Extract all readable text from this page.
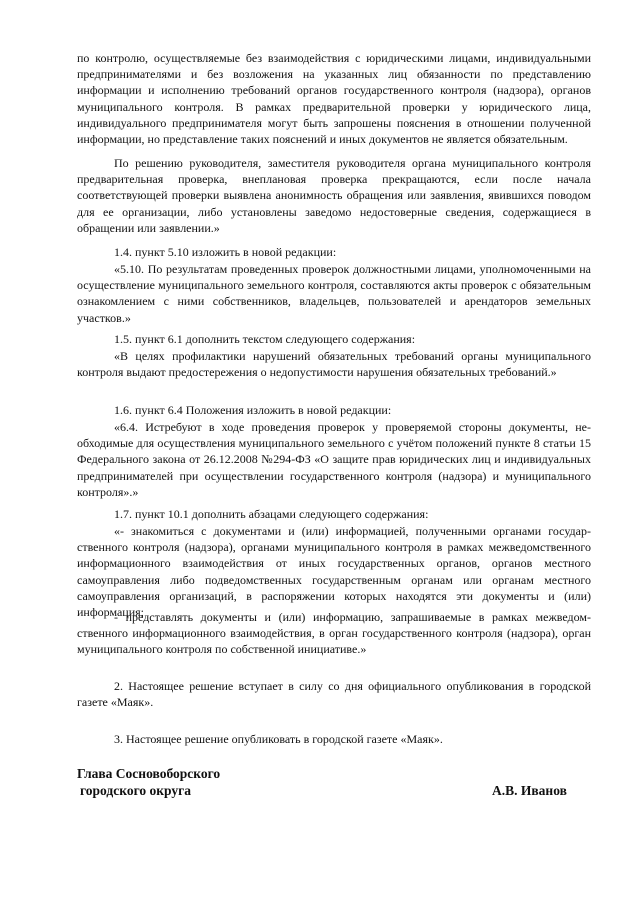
по контролю, осуществляемые без взаимодействия с юридическими лицами, индивидуальными предпринимателями и без возложения на указанных лиц обязанности по представлению информации и исполнению требований органов государственного контроля (надзора), органов муниципального контроля. В рамках предварительной проверки у юридического лица, индивидуального предпринимателя могут быть запрошены пояснения в отношении полученной информации, но представление таких пояснений и иных документов не является обязательным.
По решению руководителя, заместителя руководителя органа муниципального контроля предварительная проверка, внеплановая проверка прекращаются, если после начала соответствующей проверки выявлена анонимность обращения или заявления, явившихся поводом для ее организации, либо установлены заведомо недостоверные сведения, содержащиеся в обращении или заявлении.»
1.4. пункт 5.10 изложить в новой редакции:
«5.10. По результатам проведенных проверок должностными лицами, уполномоченными на осуществление муниципального земельного контроля, составляются акты проверок с обязательным ознакомлением с ними собственников, владельцев, пользователей и арендаторов земельных участков.»
1.5. пункт 6.1 дополнить текстом следующего содержания:
«В целях профилактики нарушений обязательных требований органы муниципального контроля выдают предостережения о недопустимости нарушения обязательных требований.»
1.6. пункт 6.4 Положения изложить в новой редакции:
«6.4. Истребуют в ходе проведения проверок у проверяемой стороны документы, необходимые для осуществления муниципального земельного с учётом положений пункте 8 статьи 15 Федерального закона от 26.12.2008 №294-ФЗ «О защите прав юридических лиц и индивидуальных предпринимателей при осуществлении государственного контроля (надзора) и муниципального контроля».»
1.7. пункт 10.1 дополнить абзацами следующего содержания:
«- знакомиться с документами и (или) информацией, полученными органами государственного контроля (надзора), органами муниципального контроля в рамках межведомственного информационного взаимодействия от иных государственных органов, органов местного самоуправления либо подведомственных государственным органам или органам местного самоуправления организаций, в распоряжении которых находятся эти документы и (или) информация;
- представлять документы и (или) информацию, запрашиваемые в рамках межведомственного информационного взаимодействия, в орган государственного контроля (надзора), орган муниципального контроля по собственной инициативе.»
2. Настоящее решение вступает в силу со дня официального опубликования в городской газете «Маяк».
3. Настоящее решение опубликовать в городской газете «Маяк».
Глава Сосновоборского
городского округа	А.В. Иванов
